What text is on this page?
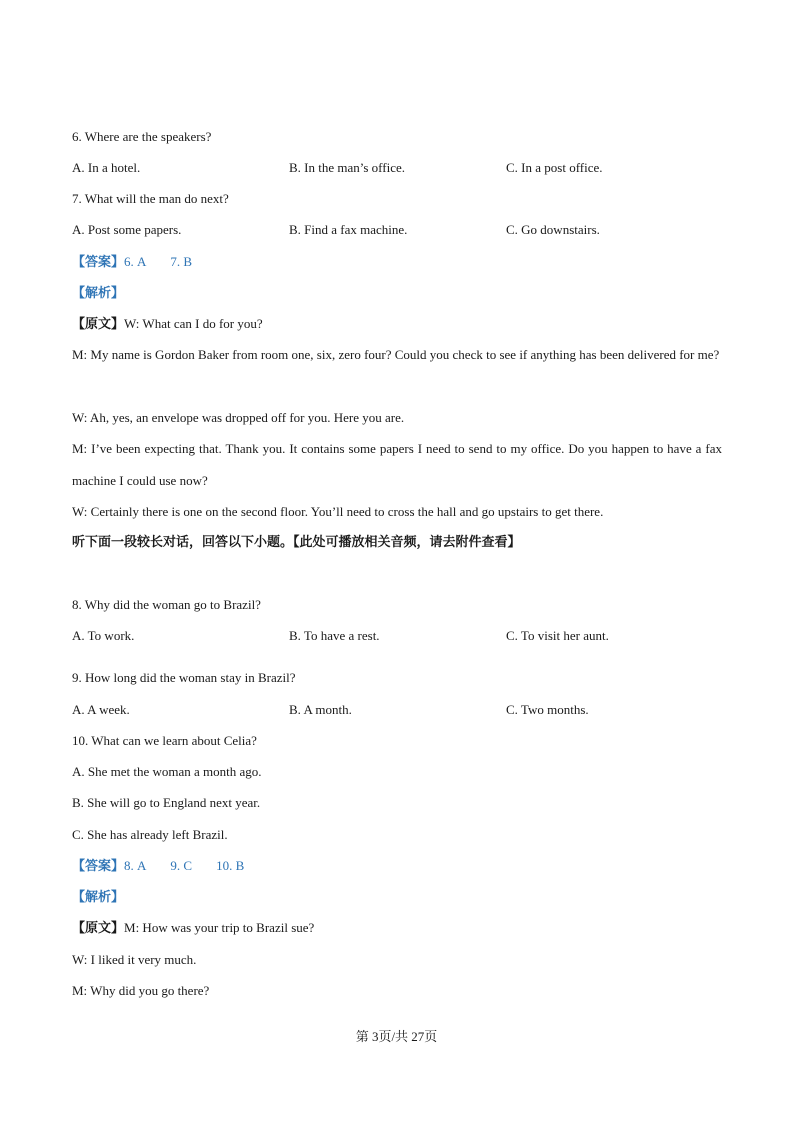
6. Where are the speakers?
A. In a hotel.	B. In the man’s office.	C. In a post office.
7. What will the man do next?
A. Post some papers.	B. Find a fax machine.	C. Go downstairs.
【答案】6. A 7. B
【解析】
【原文】W: What can I do for you?
M: My name is Gordon Baker from room one, six, zero four? Could you check to see if anything has been delivered for me?
W: Ah, yes, an envelope was dropped off for you. Here you are.
M: I’ve been expecting that. Thank you. It contains some papers I need to send to my office. Do you happen to have a fax machine I could use now?
W: Certainly there is one on the second floor. You’ll need to cross the hall and go upstairs to get there.
听下面一段较长对话，回答以下小题。【此处可播放相关音频，请去附件查看】
8. Why did the woman go to Brazil?
A. To work.	B. To have a rest.	C. To visit her aunt.
9. How long did the woman stay in Brazil?
A. A week.	B. A month.	C. Two months.
10. What can we learn about Celia?
A. She met the woman a month ago.
B. She will go to England next year.
C. She has already left Brazil.
【答案】8. A 9. C 10. B
【解析】
【原文】M: How was your trip to Brazil sue?
W: I liked it very much.
M: Why did you go there?
第 3页/共 27页
